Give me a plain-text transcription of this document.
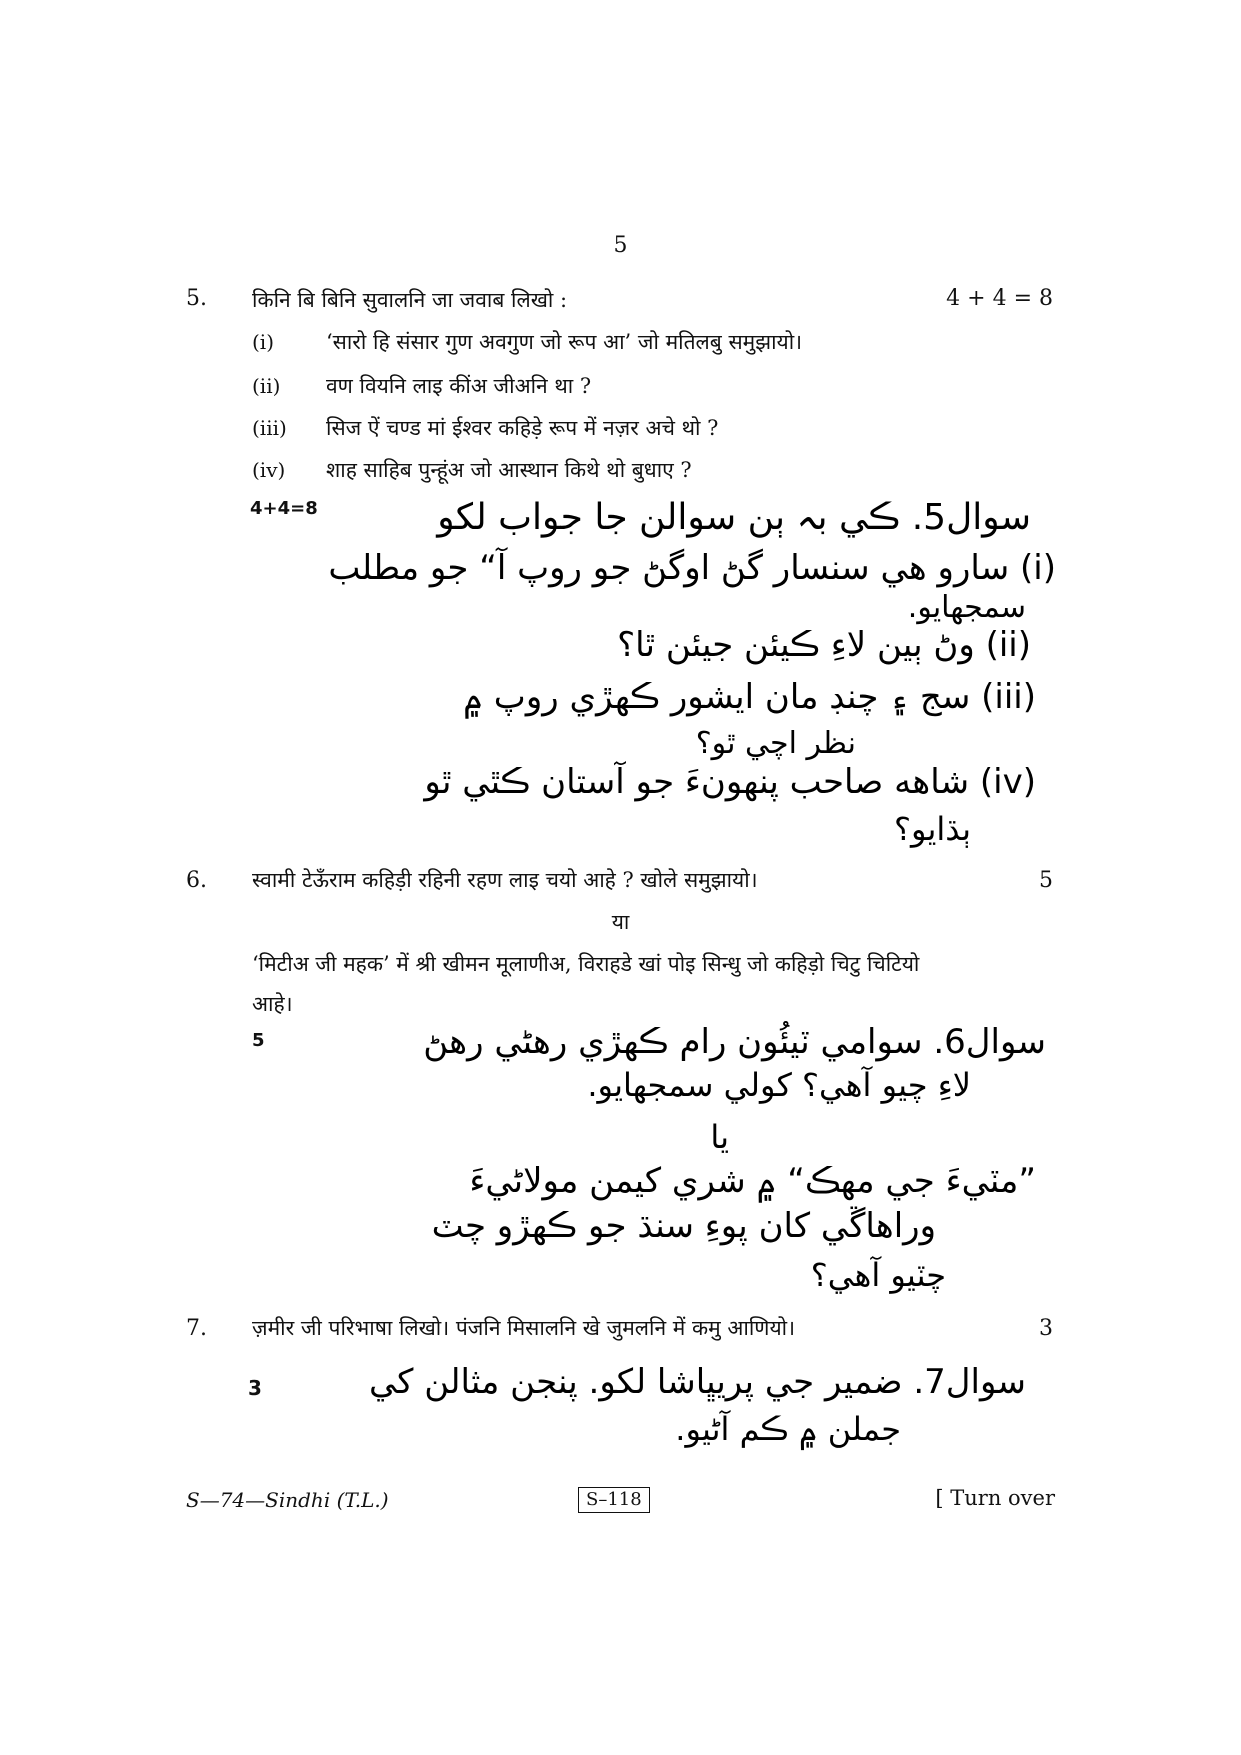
5
5. किनि बि बिनि सुवालनि जा जवाब लिखो :	4 + 4 = 8
(i) ‘सारो हि संसार गुण अवगुण जो रूप आ’ जो मतिलबु समुझायो।
(ii) वण वियनि लाइ कींअ जीअनि था ?
(iii) सिज ऐं चण्ड मां ईश्वर कहिड़े रूप में नज़र अचे थो ?
(iv) शाह साहिब पुन्हूंअ जो आस्थान किथे थो बुधाए ?
4+4=8	سوال5. ڪي بہ ٻن سوالن جا جواب لکو
(i) سارو هي سنسار گڻ اوگڻ جو روپ آ“ جو مطلب
سمجهايو.
(ii) وڻ ٻين لاءِ ڪيئن جيئن ٿا؟
(iii) سج ۽ چنڊ مان ايشور ڪهڙي روپ ۾
نظر اچي ٿو؟
(iv) شاهه صاحب پنهونءَ جو آستان ڪٿي ٿو
ٻڌايو؟
6. स्वामी टेऊँराम कहिड़ी रहिनी रहण लाइ चयो आहे ? खोले समुझायो।	5
या
‘मिटीअ जी महक’ में श्री खीमन मूलाणीअ, विराहडे खां पोइ सिन्धु जो कहिड़ो चिटु चिटियो
आहे।
5	سوال6. سوامي ٽيئُون رام ڪهڙي رهڻي رهڻ
لاءِ چيو آهي؟ کولي سمجهايو.
يا
”مٽيءَ جي مهڪ“ ۾ شري کيمن مولاڻيءَ
وراهاڱي کان پوءِ سنڌ جو ڪهڙو چٽ
چٽيو آهي؟
7. ज़मीर जी परिभाषा लिखो। पंजनि मिसालनि खे जुमलनि में कमु आणियो।	3
3	سوال7. ضمير جي پريڀاشا لکو. پنجن مثالن کي
جملن ۾ ڪم آڻيو.
S—74—Sindhi (T.L.)	S–118	[ Turn over
